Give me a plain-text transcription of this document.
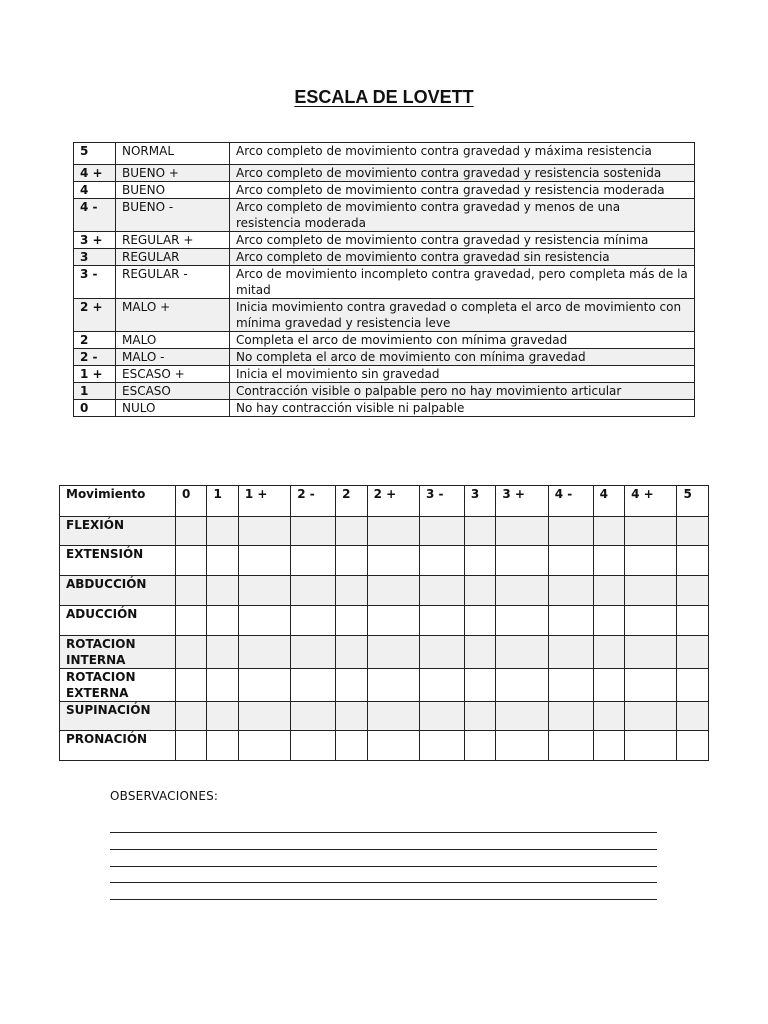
ESCALA DE LOVETT
5	NORMAL	Arco completo de movimiento contra gravedad y máxima resistencia
4 +	BUENO +	Arco completo de movimiento contra gravedad y resistencia sostenida
4	BUENO	Arco completo de movimiento contra gravedad y resistencia moderada
4 -	BUENO -	Arco completo de movimiento contra gravedad y menos de una resistencia moderada
3 +	REGULAR +	Arco completo de movimiento contra gravedad y resistencia mínima
3	REGULAR	Arco completo de movimiento contra gravedad sin resistencia
3 -	REGULAR -	Arco de movimiento incompleto contra gravedad, pero completa más de la mitad
2 +	MALO +	Inicia movimiento contra gravedad o completa el arco de movimiento con mínima gravedad y resistencia leve
2	MALO	Completa el arco de movimiento con mínima gravedad
2 -	MALO -	No completa el arco de movimiento con mínima gravedad
1 +	ESCASO +	Inicia el movimiento sin gravedad
1	ESCASO	Contracción visible o palpable pero no hay movimiento articular
0	NULO	No hay contracción visible ni palpable
Movimiento	0	1	1 +	2 -	2	2 +	3 -	3	3 +	4 -	4	4 +	5
FLEXIÓN													
EXTENSIÓN													
ABDUCCIÓN													
ADUCCIÓN													
ROTACION INTERNA													
ROTACION EXTERNA													
SUPINACIÓN													
PRONACIÓN													
OBSERVACIONES:
